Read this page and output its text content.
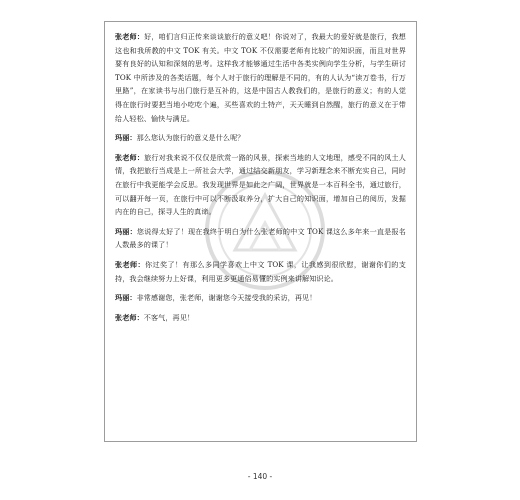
张老师：好，咱们言归正传来谈谈旅行的意义吧！你说对了，我最大的爱好就是旅行，我想这也和我所教的中文 TOK 有关。中文 TOK 不仅需要老师有比较广的知识面，而且对世界要有良好的认知和深刻的思考。这样我才能够通过生活中各类实例向学生分析，与学生研讨 TOK 中所涉及的各类话题，每个人对于旅行的理解是不同的，有的人认为“读万卷书，行万里路”，在家读书与出门旅行是互补的，这是中国古人教我们的，是旅行的意义；有的人觉得在旅行时要把当地小吃吃个遍，买些喜欢的土特产，天天睡到自然醒，旅行的意义在于带给人轻松、愉快与满足。

玛丽：那么您认为旅行的意义是什么呢？

张老师：旅行对我来说不仅仅是欣赏一路的风景，探索当地的人文地理，感受不同的风土人情，我把旅行当成是上一所社会大学，通过结交新朋友，学习新理念来不断充实自己，同时在旅行中我更能学会反思。我发现世界是如此之广阔，世界就是一本百科全书，通过旅行，可以翻开每一页，在旅行中可以不断汲取养分，扩大自己的知识面，增加自己的阅历，发掘内在的自己，探寻人生的真谛。

玛丽：您说得太好了！现在我终于明白为什么张老师的中文 TOK 课这么多年来一直是报名人数最多的课了！

张老师：你过奖了！有那么多同学喜欢上中文 TOK 课，让我感到很欣慰，谢谢你们的支持，我会继续努力上好课，利用更多更通俗易懂的实例来讲解知识论。

玛丽：非常感谢您，张老师，谢谢您今天接受我的采访，再见！

张老师：不客气，再见！

- 140 -
